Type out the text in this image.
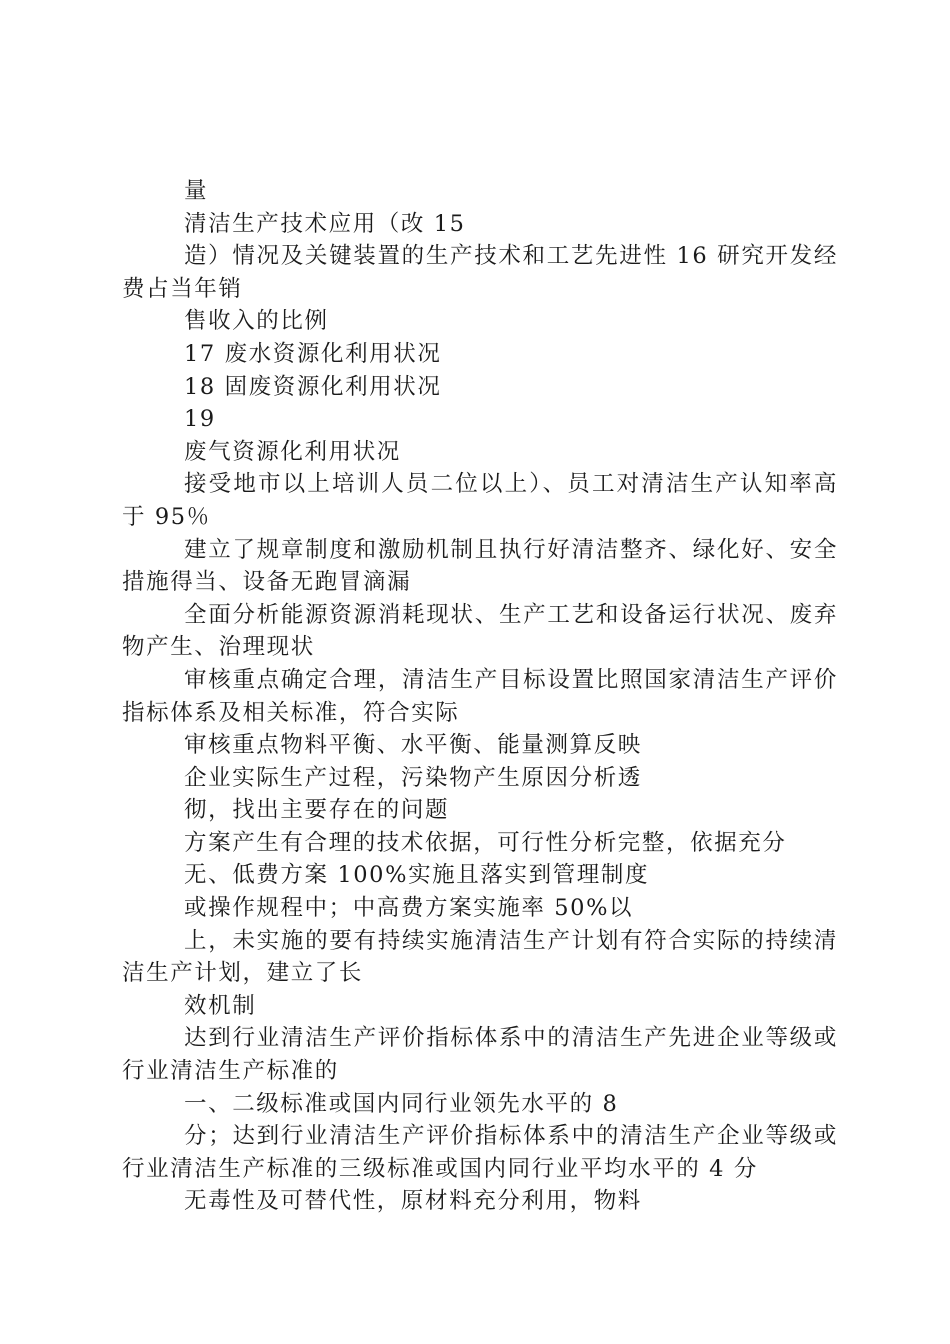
量

清洁生产技术应用（改 15

造）情况及关键装置的生产技术和工艺先进性 16 研究开发经费占当年销

售收入的比例

17 废水资源化利用状况

18 固废资源化利用状况

19

废气资源化利用状况

接受地市以上培训人员二位以上）、员工对清洁生产认知率高于 95％

建立了规章制度和激励机制且执行好清洁整齐、绿化好、安全措施得当、设备无跑冒滴漏

全面分析能源资源消耗现状、生产工艺和设备运行状况、废弃物产生、治理现状

审核重点确定合理，清洁生产目标设置比照国家清洁生产评价指标体系及相关标准，符合实际

审核重点物料平衡、水平衡、能量测算反映

企业实际生产过程，污染物产生原因分析透

彻，找出主要存在的问题

方案产生有合理的技术依据，可行性分析完整，依据充分

无、低费方案 100%实施且落实到管理制度

或操作规程中；中高费方案实施率 50%以

上，未实施的要有持续实施清洁生产计划有符合实际的持续清洁生产计划，建立了长

效机制

达到行业清洁生产评价指标体系中的清洁生产先进企业等级或行业清洁生产标准的

一、二级标准或国内同行业领先水平的 8

分；达到行业清洁生产评价指标体系中的清洁生产企业等级或行业清洁生产标准的三级标准或国内同行业平均水平的 4 分

无毒性及可替代性，原材料充分利用，物料
